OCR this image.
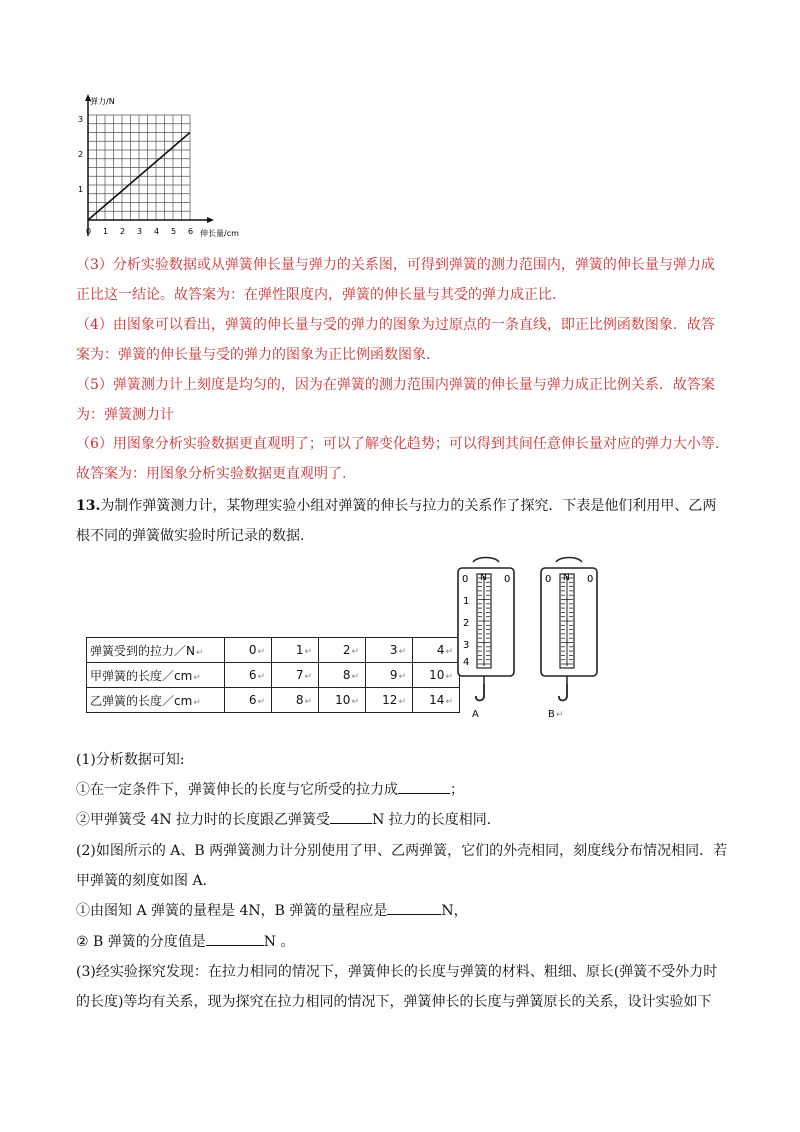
弹力/N
伸长量/cm
3
2
1
0 1 2 3 4 5 6

（3）分析实验数据或从弹簧伸长量与弹力的关系图，可得到弹簧的测力范围内，弹簧的伸长量与弹力成
正比这一结论。故答案为：在弹性限度内，弹簧的伸长量与其受的弹力成正比.

（4）由图象可以看出，弹簧的伸长量与受的弹力的图象为过原点的一条直线，即正比例函数图象．故答
案为：弹簧的伸长量与受的弹力的图象为正比例函数图象.

（5）弹簧测力计上刻度是均匀的，因为在弹簧的测力范围内弹簧的伸长量与弹力成正比例关系．故答案
为：弹簧测力计

（6）用图象分析实验数据更直观明了；可以了解变化趋势；可以得到其间任意伸长量对应的弹力大小等.
故答案为：用图象分析实验数据更直观明了.

13.为制作弹簧测力计，某物理实验小组对弹簧的伸长与拉力的关系作了探究．下表是他们利用甲、乙两
根不同的弹簧做实验时所记录的数据.

弹簧受到的拉力／N↵	0↵	1↵	2↵	3↵	4↵
甲弹簧的长度／cm↵	6↵	7↵	8↵	9↵	10↵
乙弹簧的长度／cm↵	6↵	8↵	10↵	12↵	14↵
N 0
0
1
2
3
4
A
N 0
0
B↵

(1)分析数据可知:

①在一定条件下，弹簧伸长的长度与它所受的拉力成	；

②甲弹簧受 4N 拉力时的长度跟乙弹簧受	N 拉力的长度相同.

(2)如图所示的 A、B 两弹簧测力计分别使用了甲、乙两弹簧，它们的外壳相同，刻度线分布情况相同．若
甲弹簧的刻度如图 A.

①由图知 A 弹簧的量程是 4N，B 弹簧的量程应是	N，

② B 弹簧的分度值是	N 。

(3)经实验探究发现：在拉力相同的情况下，弹簧伸长的长度与弹簧的材料、粗细、原长(弹簧不受外力时
的长度)等均有关系，现为探究在拉力相同的情况下，弹簧伸长的长度与弹簧原长的关系，设计实验如下
